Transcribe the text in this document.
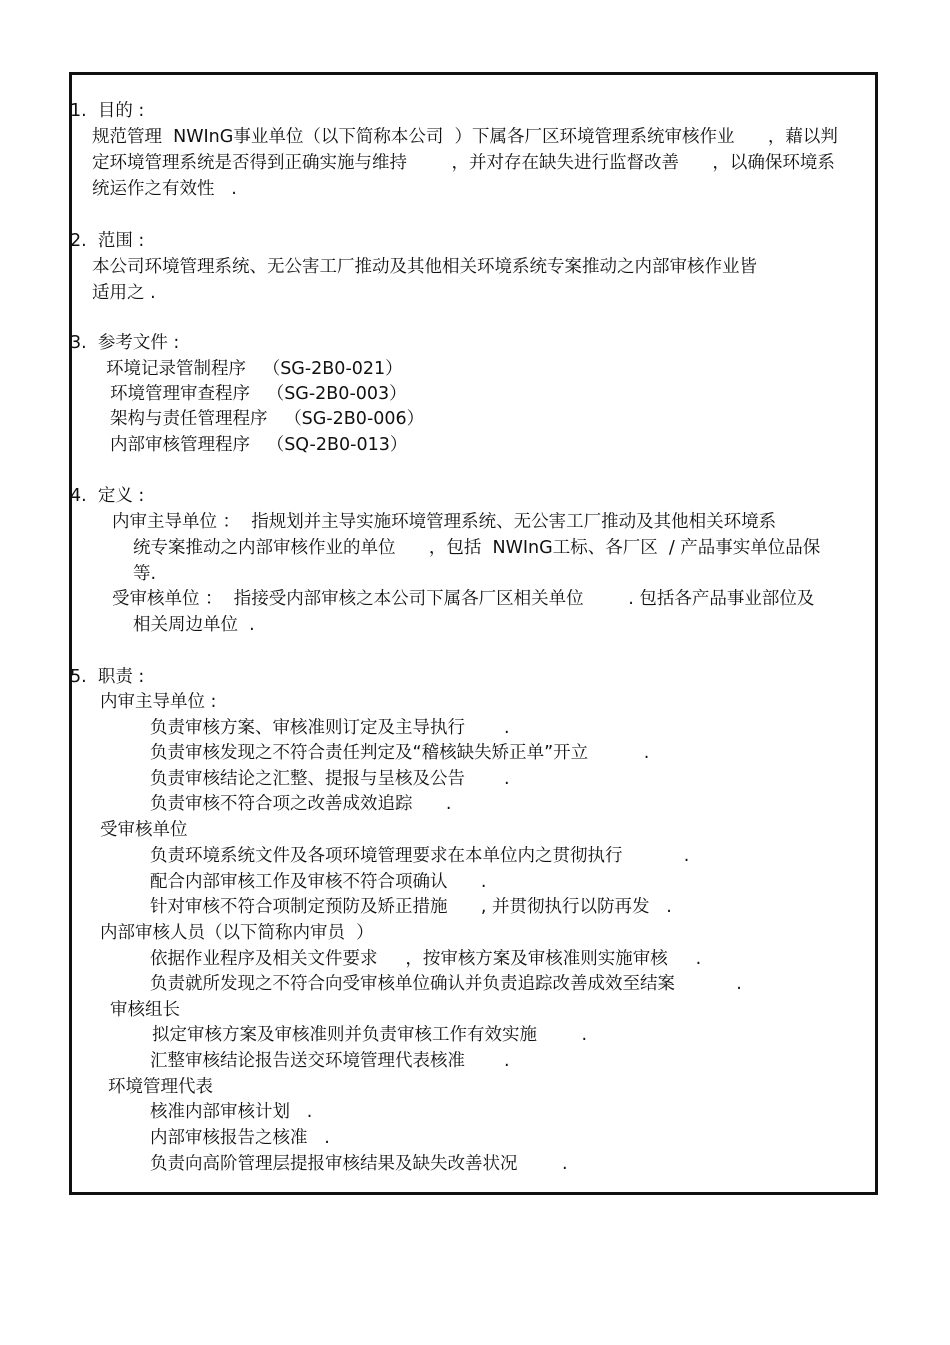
1.  目的 :
规范管理  NWInG事业单位（以下简称本公司  ）下属各厂区环境管理系统审核作业      ，藉以判
定环境管理系统是否得到正确实施与维持        ，并对存在缺失进行监督改善      ，以确保环境系
统运作之有效性   .
2.  范围 :
本公司环境管理系统、无公害工厂推动及其他相关环境系统专案推动之内部审核作业皆
适用之 .
3.  参考文件 :
环境记录管制程序   （SG-2B0-021）
环境管理审查程序   （SG-2B0-003）
架构与责任管理程序   （SG-2B0-006）
内部审核管理程序   （SQ-2B0-013）
4.  定义 :
内审主导单位 ：  指规划并主导实施环境管理系统、无公害工厂推动及其他相关环境系
统专案推动之内部审核作业的单位      ，包括  NWInG工标、各厂区  / 产品事实单位品保
等.
受审核单位 ：  指接受内部审核之本公司下属各厂区相关单位        . 包括各产品事业部位及
相关周边单位  .
5.  职责 :
内审主导单位 :
负责审核方案、审核准则订定及主导执行       .
负责审核发现之不符合责任判定及“稽核缺失矫正单”开立          .
负责审核结论之汇整、提报与呈核及公告       .
负责审核不符合项之改善成效追踪      .
受审核单位
负责环境系统文件及各项环境管理要求在本单位内之贯彻执行           .
配合内部审核工作及审核不符合项确认      .
针对审核不符合项制定预防及矫正措施      , 并贯彻执行以防再发   .
内部审核人员（以下简称内审员  ）
依据作业程序及相关文件要求     ，按审核方案及审核准则实施审核     .
负责就所发现之不符合向受审核单位确认并负责追踪改善成效至结案           .
审核组长
拟定审核方案及审核准则并负责审核工作有效实施        .
汇整审核结论报告送交环境管理代表核准       .
环境管理代表
核准内部审核计划   .
内部审核报告之核准   .
负责向高阶管理层提报审核结果及缺失改善状况        .
